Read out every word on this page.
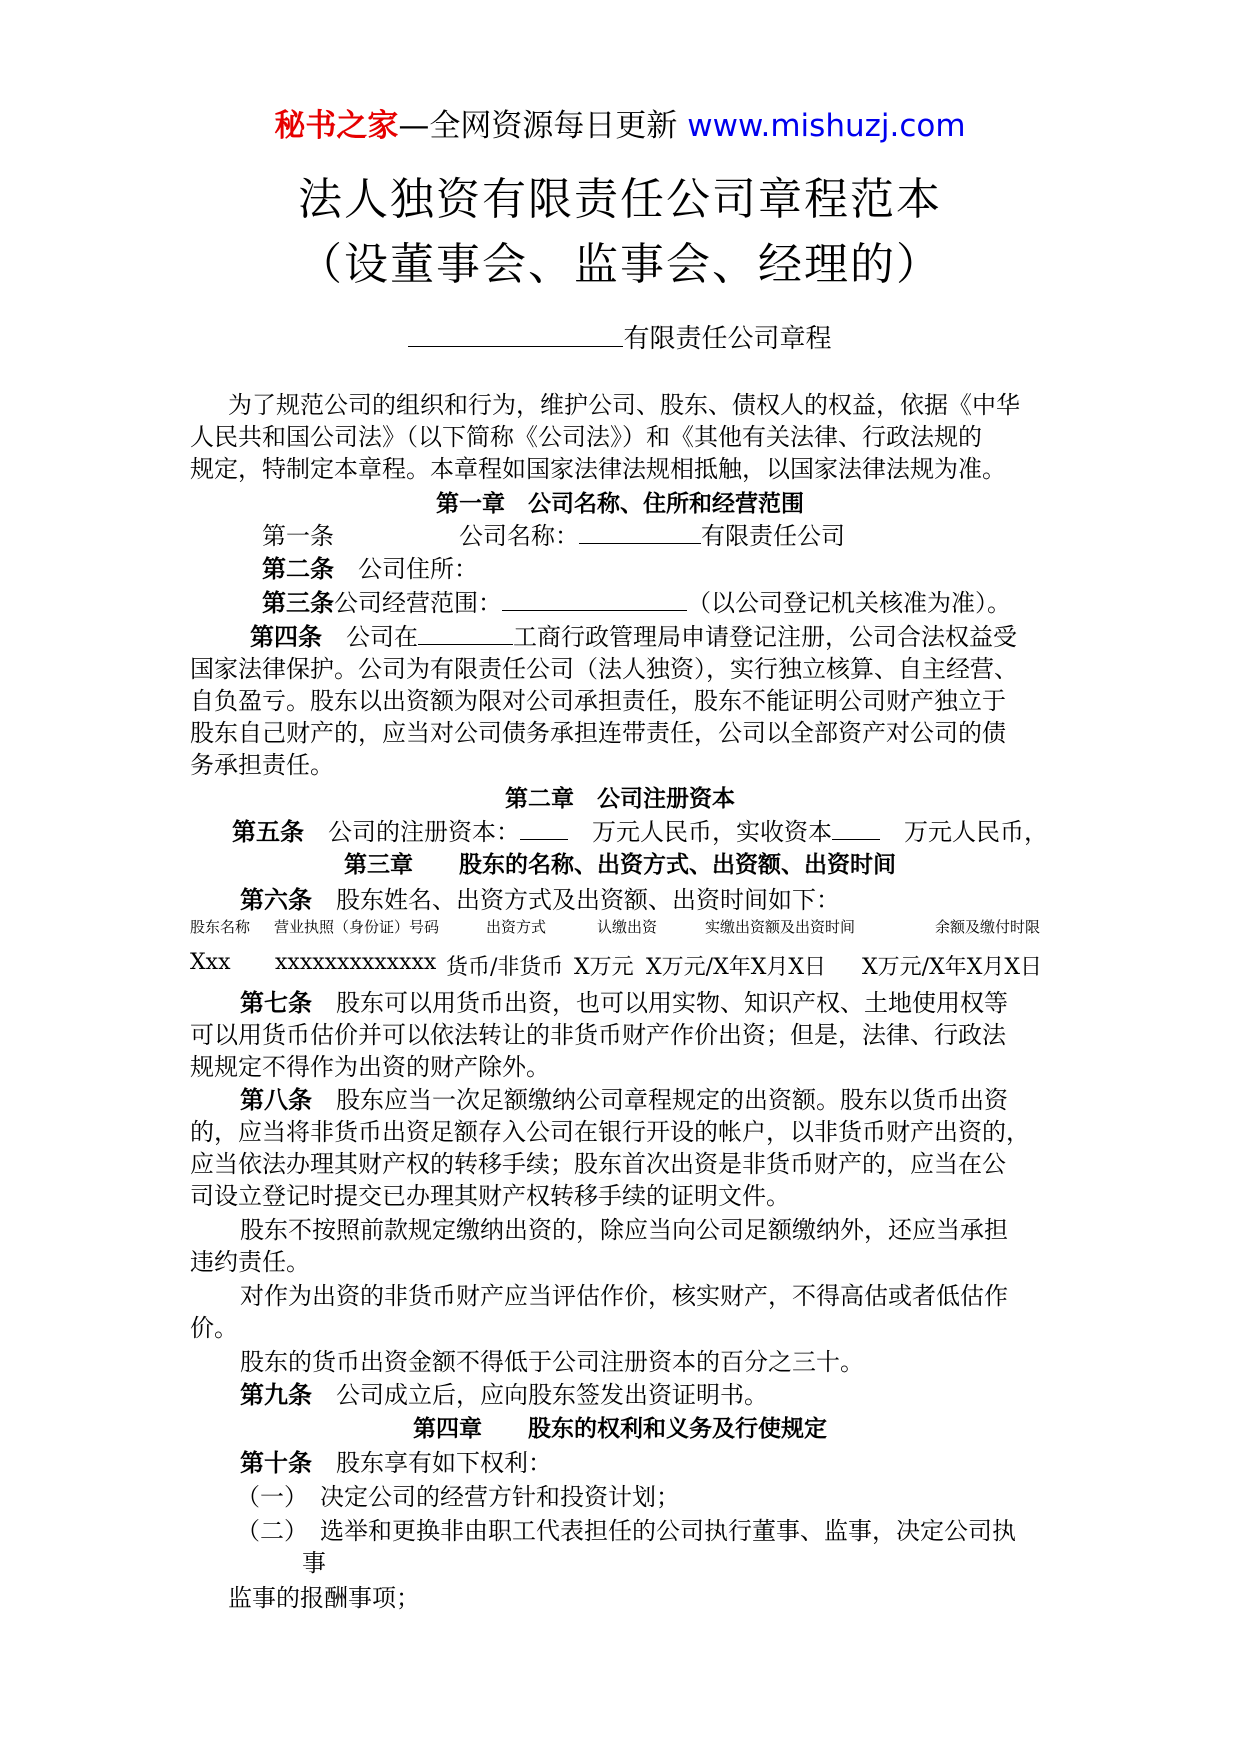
秘书之家—全网资源每日更新 www.mishuzj.com
法人独资有限责任公司章程范本
（设董事会、监事会、经理的）
有限责任公司章程
为了规范公司的组织和行为，维护公司、股东、债权人的权益，依据《中华
人民共和国公司法》（以下简称《公司法》）和《其他有关法律、行政法规的
规定，特制定本章程。本章程如国家法律法规相抵触，以国家法律法规为准。
第一章　公司名称、住所和经营范围
第一条	公司名称：	有限责任公司
第二条　 公司住所：
第三条公司经营范围：	（以公司登记机关核准为准）。
第四条　 公司在	工商行政管理局申请登记注册，公司合法权益受
国家法律保护。公司为有限责任公司（法人独资），实行独立核算、自主经营、
自负盈亏。股东以出资额为限对公司承担责任，股东不能证明公司财产独立于
股东自己财产的，应当对公司债务承担连带责任，公司以全部资产对公司的债
务承担责任。
第二章　公司注册资本
第五条　 公司的注册资本：　	万元人民币，实收资本　	万元人民币，
第三章　　股东的名称、出资方式、出资额、出资时间
第六条　 股东姓名、出资方式及出资额、出资时间如下：
股东名称 营业执照（身份证）号码	出资方式	认缴出资	实缴出资额及出资时间	余额及缴付时限
Xxx xxxxxxxxxxxxx 货币/非货币 X万元 X万元/X年X月X日 X万元/X年X月X日
第七条　 股东可以用货币出资，也可以用实物、知识产权、土地使用权等
可以用货币估价并可以依法转让的非货币财产作价出资；但是，法律、行政法
规规定不得作为出资的财产除外。
第八条　 股东应当一次足额缴纳公司章程规定的出资额。股东以货币出资
的，应当将非货币出资足额存入公司在银行开设的帐户，以非货币财产出资的，
应当依法办理其财产权的转移手续；股东首次出资是非货币财产的，应当在公
司设立登记时提交已办理其财产权转移手续的证明文件。
股东不按照前款规定缴纳出资的，除应当向公司足额缴纳外，还应当承担
违约责任。
对作为出资的非货币财产应当评估作价，核实财产，不得高估或者低估作
价。
股东的货币出资金额不得低于公司注册资本的百分之三十。
第九条　 公司成立后，应向股东签发出资证明书。
第四章　　股东的权利和义务及行使规定
第十条　 股东享有如下权利：
（一）　 决定公司的经营方针和投资计划；
（二）　 选举和更换非由职工代表担任的公司执行董事、监事，决定公司执
事
监事的报酬事项；
